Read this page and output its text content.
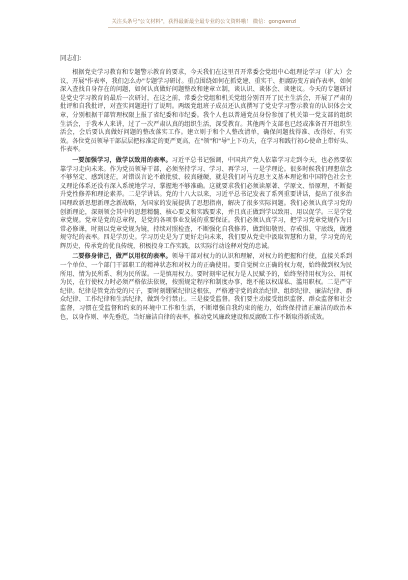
关注头条号"公文材料"，获得最新最全最专业的公文资料哦！ 微信：gongwenzl

同志们:

根据党史学习教育和专题警示教育的要求，今天我们在这里召开常委会党组中心组理论学习（扩大）会议，开展"作表率，我们怎么办"专题学习研讨。重点围绕如何在抓党建、重实干、拒腐防变方面作表率，如何深入查找自身存在的问题，如何认真做好问题整改和建章立制，谈认识、谈体会、谈建议。今天的专题研讨是党史学习教育的最后一次研讨，在这之前，常委会党组和机关党组分别召开了民主生活会，开展了严肃的批评和自我批评，对查实问题进行了说明。两级党组班子成员还认真撰写了党史学习警示教育的认识体会文章，分别根据干部管理权限上报了省纪委和市纪委。我个人也以普通党员身份参加了机关第一党支部的组织生活会，于我本人来讲，过了一次严肃认真的组织生活，深受教育。其他两个支部也已经或准备召开组织生活会，会后要认真做好问题的整改落实工作。建立则于和个人整改清单，确保问题找得准、改得好、有实效。各位党员领导干部层层把标准定的更严更高，在"领"和"导"上下功夫，在学习和践行初心使命上带好头、作表率。

一要加强学习，做学以致用的表率。习近平总书记强调，中国共产党人依靠学习走到今天，也必然要依靠学习走向未来。作为党员领导干部，必须坚持学习、学习、再学习，一是学理论。很多时候我们理想信念不够坚定、感到迷茫，对错误言论不敢批驳、较真碰硬，就是我们对马克思主义基本理论和中国特色社会主义理论体系还没有深入系统地学习，掌握地不够准确。这就要求我们必须读原著、学原文、悟原理，不断提升党性修养和理论素养。二是学讲话。党的十八大以来，习近平总书记发表了系列重要讲话，提出了很多治国理政新思想新理念新战略，为国家的发展提供了思想指南，解决了很多实际问题。我们必须认真学习党的创新理论，深刻领会其中的思想精髓、核心要义和实践要求，并且真正做到学以致用、用以促学。三是学党章党规。党章是党的总章程，是党的各项事业发展的重要保证。我们必须认真学习，把学习党章党规作为日常必修课，时刻以党章党规为镜，持续对照检查，不断强化自我修养，做到知敬畏、存戒惧、守底线，做遵规守纪的表率。四是学历史。学习历史是为了更好走向未来，我们要从党史中汲取智慧和力量，学习党的光辉历史，传承党的优良传统，积极投身工作实践，以实际行动诠释对党的忠诚。

二要修身律己，做严以用权的表率。领导干部对权力的认识和理解，对权力的把握和行使，直接关系到一个单位、一个部门干部职工的精神状态和对权力的正确使用。要自觉树立正确的权力观，始终做到权为民所用、情为民所系、利为民所谋。一是慎用权力。要时刻牢记权力是人民赋予的，始终坚持用权为公、用权为民，在行使权力时必须严格依法依规，按照规定程序和制度办事，绝不能以权谋私、滥用职权。二是严守纪律。纪律是管党治党的尺子，要时刻绷紧纪律这根弦，严格遵守党的政治纪律、组织纪律、廉洁纪律、群众纪律、工作纪律和生活纪律，做到令行禁止。三是接受监督。我们要主动接受组织监督、群众监督和社会监督，习惯在受监督和约束的环境中工作和生活，不断增强自我约束的能力，始终保持清正廉洁的政治本色，以身作则、率先垂范，当好廉洁自律的表率，推动党风廉政建设和反腐败工作不断取得新成效。
